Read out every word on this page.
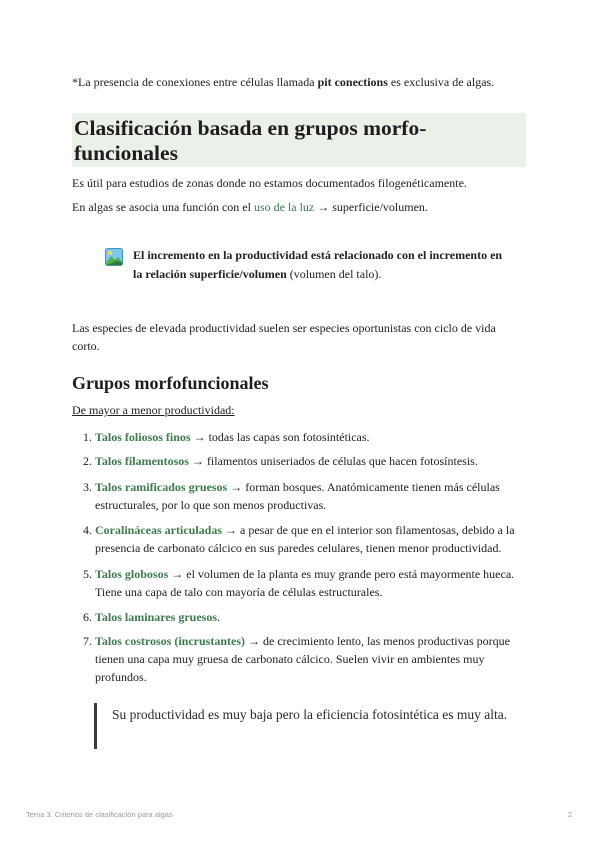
*La presencia de conexiones entre células llamada pit conections es exclusiva de algas.
Clasificación basada en grupos morfo-funcionales
Es útil para estudios de zonas donde no estamos documentados filogenéticamente.
En algas se asocia una función con el uso de la luz → superficie/volumen.
El incremento en la productividad está relacionado con el incremento en la relación superficie/volumen (volumen del talo).
Las especies de elevada productividad suelen ser especies oportunistas con ciclo de vida corto.
Grupos morfofuncionales
De mayor a menor productividad:
1. Talos foliosos finos → todas las capas son fotosintéticas.
2. Talos filamentosos → filamentos uniseriados de células que hacen fotosíntesis.
3. Talos ramificados gruesos → forman bosques. Anatómicamente tienen más células estructurales, por lo que son menos productivas.
4. Coralináceas articuladas → a pesar de que en el interior son filamentosas, debido a la presencia de carbonato cálcico en sus paredes celulares, tienen menor productividad.
5. Talos globosos → el volumen de la planta es muy grande pero está mayormente hueca. Tiene una capa de talo con mayoría de células estructurales.
6. Talos laminares gruesos.
7. Talos costrosos (incrustantes) → de crecimiento lento, las menos productivas porque tienen una capa muy gruesa de carbonato cálcico. Suelen vivir en ambientes muy profundos.
Su productividad es muy baja pero la eficiencia fotosintética es muy alta.
Tema 3. Criterios de clasificación para algas	2
